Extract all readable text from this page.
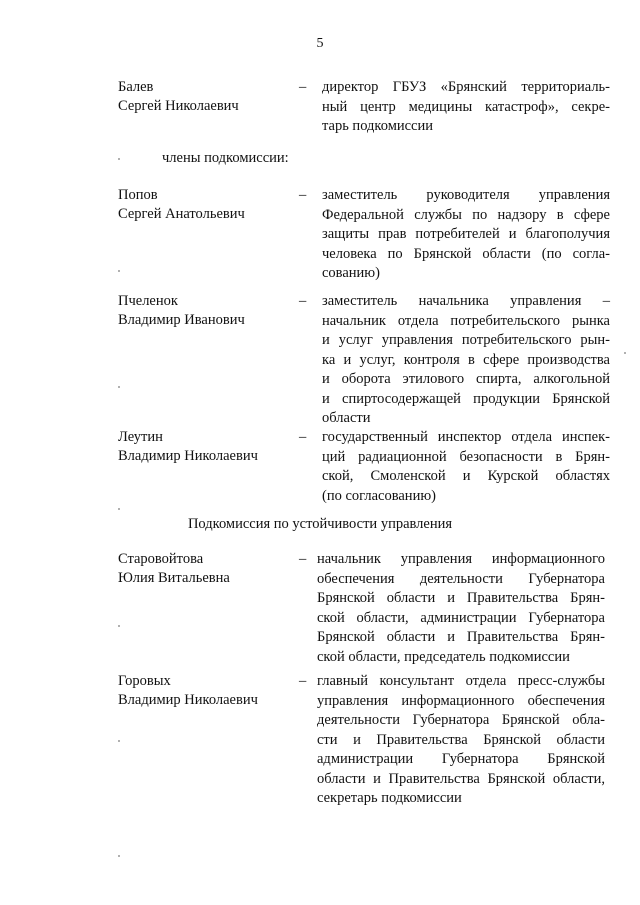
5
Балев
Сергей Николаевич
– директор ГБУЗ «Брянский территориаль-
ный центр медицины катастроф», секре-
тарь подкомиссии
члены подкомиссии:
Попов
Сергей Анатольевич
– заместитель руководителя управления
Федеральной службы по надзору в сфере
защиты прав потребителей и благополучия
человека по Брянской области (по согла-
сованию)
Пчеленок
Владимир Иванович
– заместитель начальника управления –
начальник отдела потребительского рынка
и услуг управления потребительского рын-
ка и услуг, контроля в сфере производства
и оборота этилового спирта, алкогольной
и спиртосодержащей продукции Брянской
области
Леутин
Владимир Николаевич
– государственный инспектор отдела инспек-
ций радиационной безопасности в Брян-
ской, Смоленской и Курской областях
(по согласованию)
Подкомиссия по устойчивости управления
Старовойтова
Юлия Витальевна
– начальник управления информационного
обеспечения деятельности Губернатора
Брянской области и Правительства Брян-
ской области, администрации Губернатора
Брянской области и Правительства Брян-
ской области, председатель подкомиссии
Горовых
Владимир Николаевич
– главный консультант отдела пресс-службы
управления информационного обеспечения
деятельности Губернатора Брянской обла-
сти и Правительства Брянской области
администрации Губернатора Брянской
области и Правительства Брянской области,
секретарь подкомиссии
